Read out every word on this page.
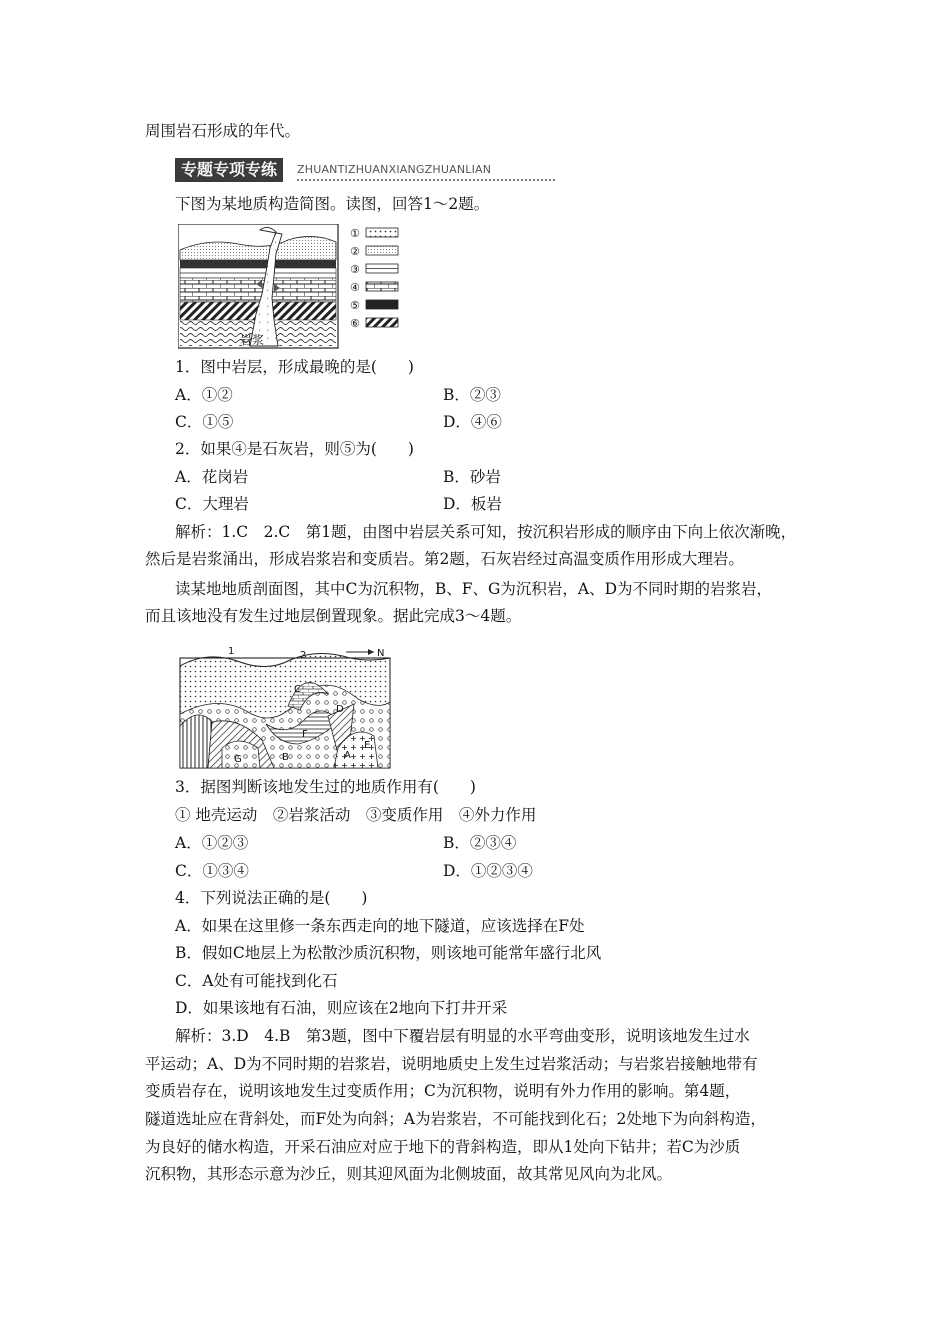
周围岩石形成的年代。
专题专项专练	ZHUANTIZHUANXIANGZHUANLIAN
下图为某地质构造简图。读图，回答1～2题。
岩浆
①
②
③
④
⑤
⑥
1．图中岩层，形成最晚的是(　　)
A．①②	B．②③
C．①⑤	D．④⑥
2．如果④是石灰岩，则⑤为(　　)
A．花岗岩	B．砂岩
C．大理岩	D．板岩
解析：1.C　2.C　第1题，由图中岩层关系可知，按沉积岩形成的顺序由下向上依次渐晚，
然后是岩浆涌出，形成岩浆岩和变质岩。第2题，石灰岩经过高温变质作用形成大理岩。
读某地地质剖面图，其中C为沉积物，B、F、G为沉积岩，A、D为不同时期的岩浆岩，
而且该地没有发生过地层倒置现象。据此完成3～4题。
1	2	N
C
F
D
G	B	A
E
3．据图判断该地发生过的地质作用有(　　)
① 地壳运动　②岩浆活动　③变质作用　④外力作用
A．①②③	B．②③④
C．①③④	D．①②③④
4．下列说法正确的是(　　)
A．如果在这里修一条东西走向的地下隧道，应该选择在F处
B．假如C地层上为松散沙质沉积物，则该地可能常年盛行北风
C．A处有可能找到化石
D．如果该地有石油，则应该在2地向下打井开采
解析：3.D　4.B　第3题，图中下覆岩层有明显的水平弯曲变形，说明该地发生过水
平运动；A、D为不同时期的岩浆岩，说明地质史上发生过岩浆活动；与岩浆岩接触地带有
变质岩存在，说明该地发生过变质作用；C为沉积物，说明有外力作用的影响。第4题，
隧道选址应在背斜处，而F处为向斜；A为岩浆岩，不可能找到化石；2处地下为向斜构造，
为良好的储水构造，开采石油应对应于地下的背斜构造，即从1处向下钻井；若C为沙质
沉积物，其形态示意为沙丘，则其迎风面为北侧坡面，故其常见风向为北风。
